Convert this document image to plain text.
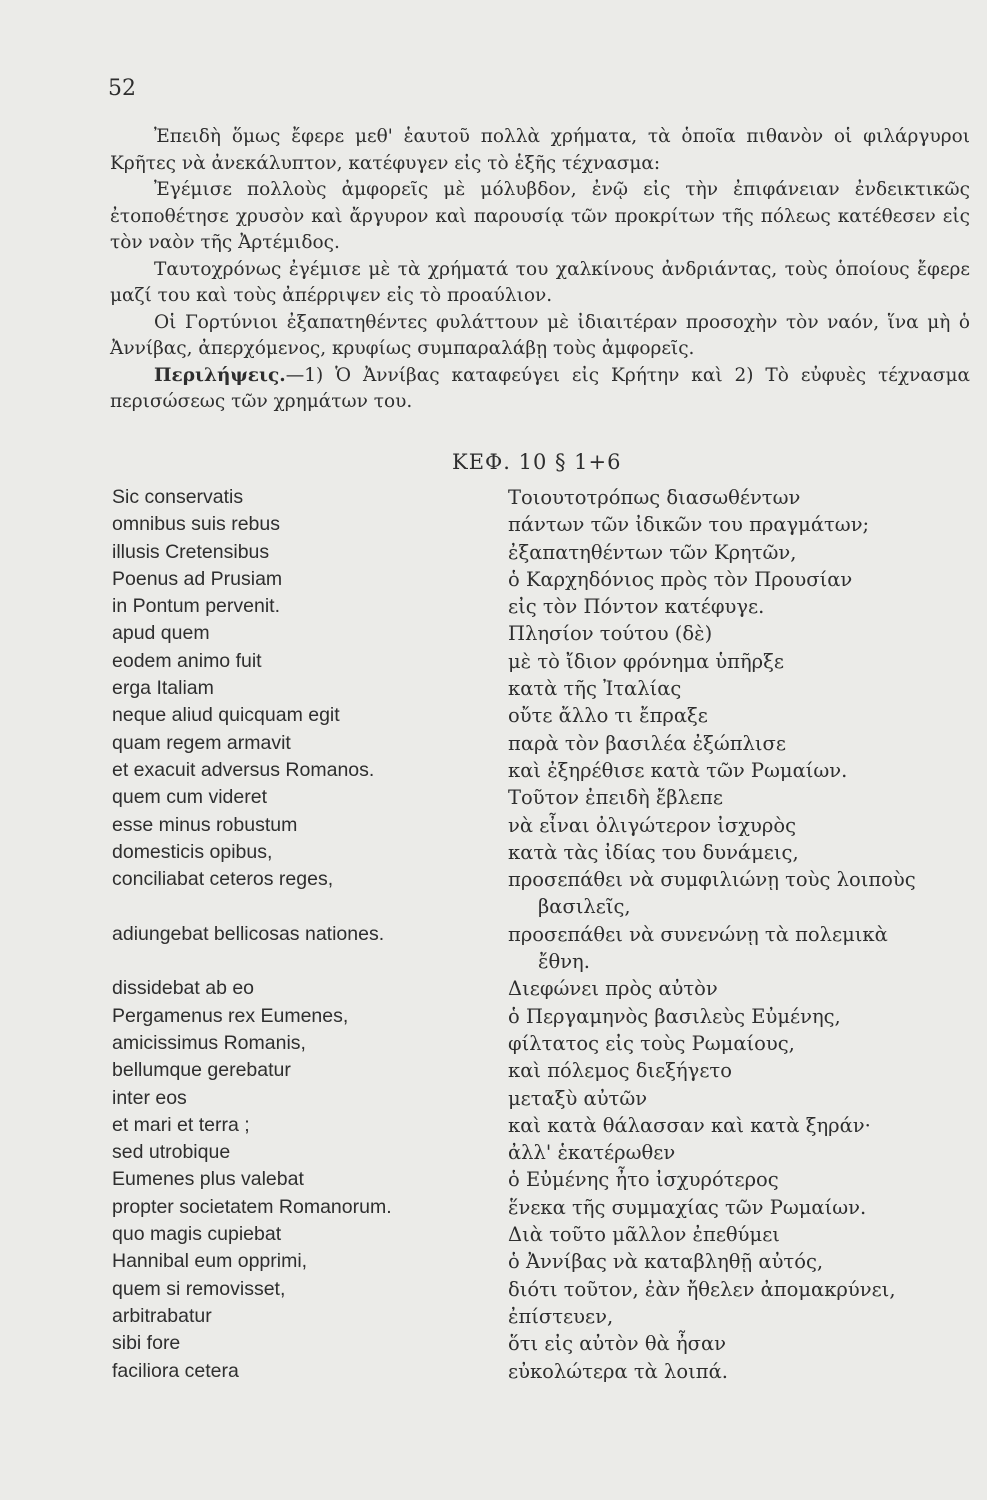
52

Ἐπειδὴ ὅμως ἔφερε μεθ' ἑαυτοῦ πολλὰ χρήματα, τὰ ὁποῖα πιθανὸν οἱ φιλάργυροι Κρῆτες νὰ ἀνεκάλυπτον, κατέφυγεν εἰς τὸ ἑξῆς τέχνασμα:

Ἐγέμισε πολλοὺς ἀμφορεῖς μὲ μόλυβδον, ἐνῷ εἰς τὴν ἐπιφάνειαν ἐνδεικτικῶς ἐτοποθέτησε χρυσὸν καὶ ἄργυρον καὶ παρουσίᾳ τῶν προκρίτων τῆς πόλεως κατέθεσεν εἰς τὸν ναὸν τῆς Ἀρτέμιδος.

Ταυτοχρόνως ἐγέμισε μὲ τὰ χρήματά του χαλκίνους ἀνδριάντας, τοὺς ὁποίους ἔφερε μαζί του καὶ τοὺς ἀπέρριψεν εἰς τὸ προαύλιον.

Οἱ Γορτύνιοι ἐξαπατηθέντες φυλάττουν μὲ ἰδιαιτέραν προσοχὴν τὸν ναόν, ἵνα μὴ ὁ Ἀννίβας, ἀπερχόμενος, κρυφίως συμπαραλάβῃ τοὺς ἀμφορεῖς.

Περιλήψεις.—1) Ὁ Ἀννίβας καταφεύγει εἰς Κρήτην καὶ 2) Τὸ εὐφυὲς τέχνασμα περισώσεως τῶν χρημάτων του.

ΚΕΦ. 10 § 1+6
Sic conservatis
omnibus suis rebus
illusis Cretensibus
Poenus ad Prusiam
in Pontum pervenit.
apud quem
eodem animo fuit
erga Italiam
neque aliud quicquam egit
quam regem armavit
et exacuit adversus Romanos.
quem cum videret
esse minus robustum
domesticis opibus,
conciliabat ceteros reges,
adiungebat bellicosas nationes.
dissidebat ab eo
Pergamenus rex Eumenes,
amicissimus Romanis,
bellumque gerebatur
inter eos
et mari et terra ;
sed utrobique
Eumenes plus valebat
propter societatem Romanorum.
quo magis cupiebat
Hannibal eum opprimi,
quem si removisset,
arbitrabatur
sibi fore
faciliora cetera
Τοιουτοτρόπως διασωθέντων
πάντων τῶν ἰδικῶν του πραγμάτων;
ἐξαπατηθέντων τῶν Κρητῶν,
ὁ Καρχηδόνιος πρὸς τὸν Προυσίαν
εἰς τὸν Πόντον κατέφυγε.
Πλησίον τούτου (δὲ)
μὲ τὸ ἴδιον φρόνημα ὑπῆρξε
κατὰ τῆς Ἰταλίας
οὔτε ἄλλο τι ἔπραξε
παρὰ τὸν βασιλέα ἐξώπλισε
καὶ ἐξηρέθισε κατὰ τῶν Ρωμαίων.
Τοῦτον ἐπειδὴ ἔβλεπε
νὰ εἶναι ὀλιγώτερον ἰσχυρὸς
κατὰ τὰς ἰδίας του δυνάμεις,
προσεπάθει νὰ συμφιλιώνῃ τοὺς λοιποὺς
βασιλεῖς,
προσεπάθει νὰ συνενώνῃ τὰ πολεμικὰ
ἔθνη.
Διεφώνει πρὸς αὐτὸν
ὁ Περγαμηνὸς βασιλεὺς Εὐμένης,
φίλτατος εἰς τοὺς Ρωμαίους,
καὶ πόλεμος διεξήγετο
μεταξὺ αὐτῶν
καὶ κατὰ θάλασσαν καὶ κατὰ ξηράν·
ἀλλ' ἑκατέρωθεν
ὁ Εὐμένης ἦτο ἰσχυρότερος
ἕνεκα τῆς συμμαχίας τῶν Ρωμαίων.
Διὰ τοῦτο μᾶλλον ἐπεθύμει
ὁ Ἀννίβας νὰ καταβληθῇ αὐτός,
διότι τοῦτον, ἐὰν ἤθελεν ἀπομακρύνει,
ἐπίστευεν,
ὅτι εἰς αὐτὸν θὰ ἦσαν
εὐκολώτερα τὰ λοιπά.
